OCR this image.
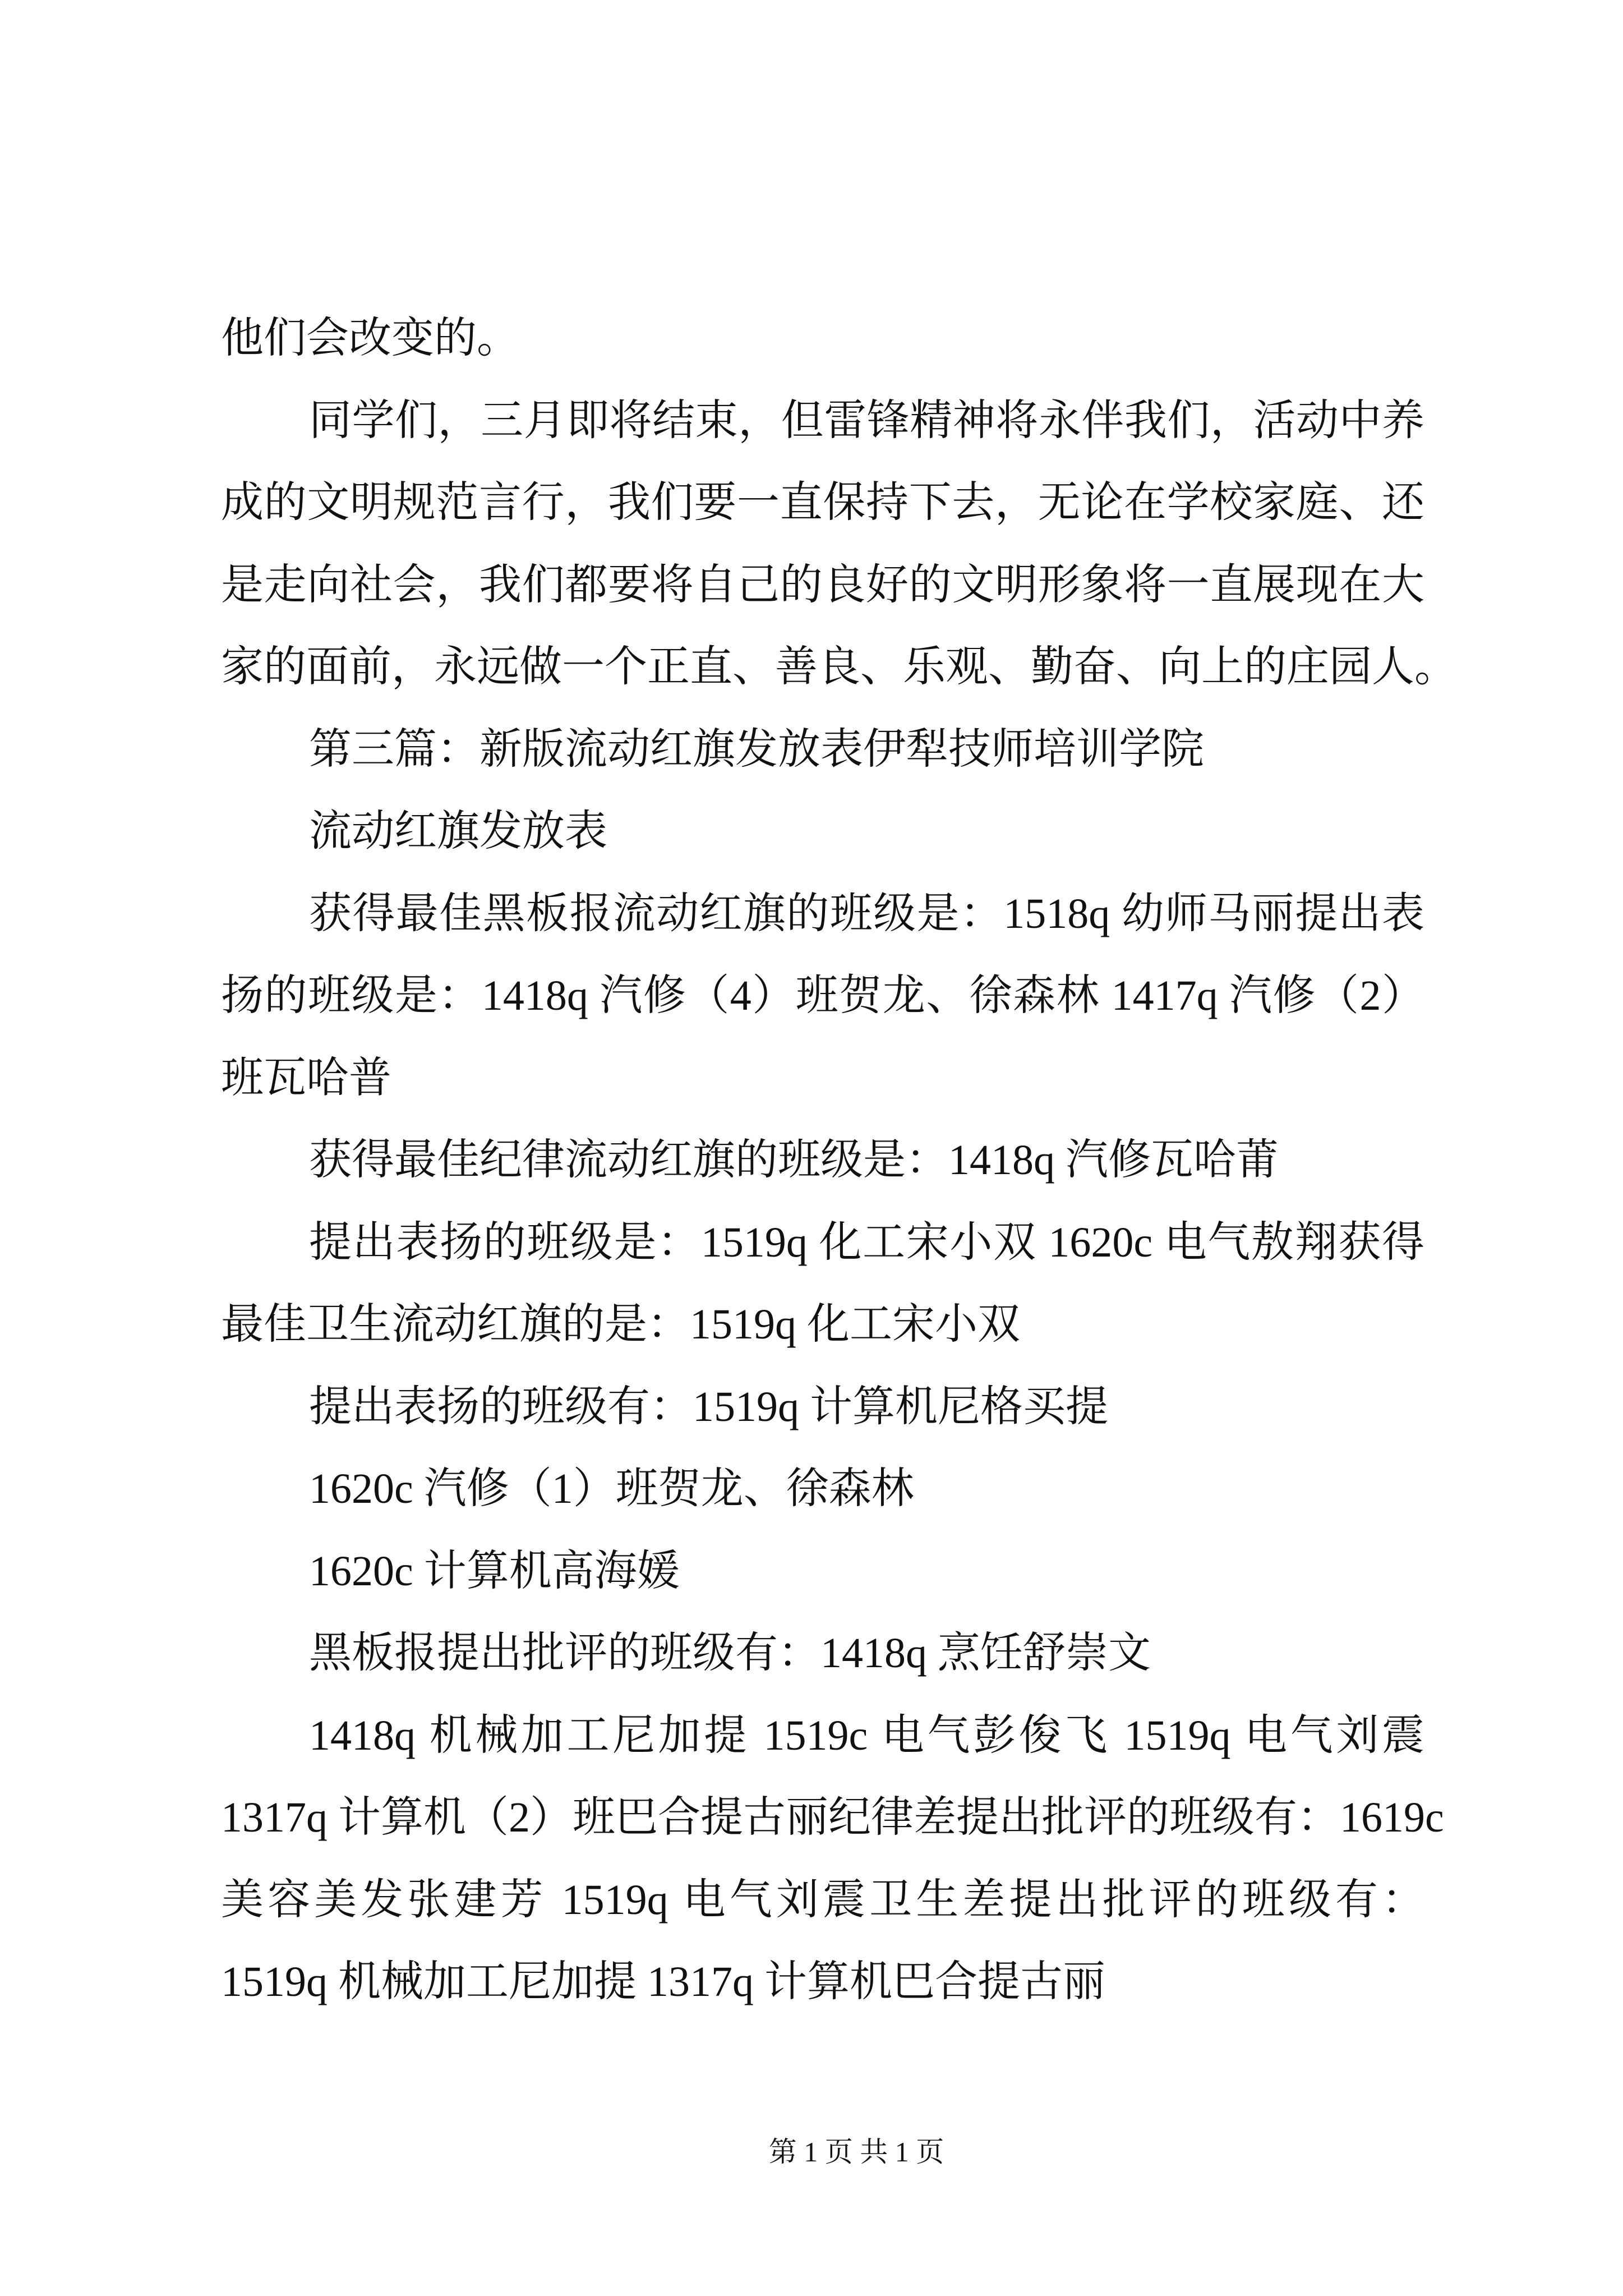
他们会改变的。
同学们，三月即将结束，但雷锋精神将永伴我们，活动中养
成的文明规范言行，我们要一直保持下去，无论在学校家庭、还
是走向社会，我们都要将自己的良好的文明形象将一直展现在大
家的面前，永远做一个正直、善良、乐观、勤奋、向上的庄园人。
第三篇：新版流动红旗发放表伊犁技师培训学院
流动红旗发放表
获得最佳黑板报流动红旗的班级是：1518q 幼师马丽提出表
扬的班级是：1418q 汽修（4）班贺龙、徐森林 1417q 汽修（2）
班瓦哈普
获得最佳纪律流动红旗的班级是：1418q 汽修瓦哈莆
提出表扬的班级是：1519q 化工宋小双 1620c 电气敖翔获得
最佳卫生流动红旗的是：1519q 化工宋小双
提出表扬的班级有：1519q 计算机尼格买提
1620c 汽修（1）班贺龙、徐森林
1620c 计算机高海媛
黑板报提出批评的班级有：1418q 烹饪舒崇文
1418q 机械加工尼加提 1519c 电气彭俊飞 1519q 电气刘震
1317q 计算机（2）班巴合提古丽纪律差提出批评的班级有：1619c
美容美发张建芳 1519q 电气刘震卫生差提出批评的班级有：
1519q 机械加工尼加提 1317q 计算机巴合提古丽
第 1 页 共 1 页
